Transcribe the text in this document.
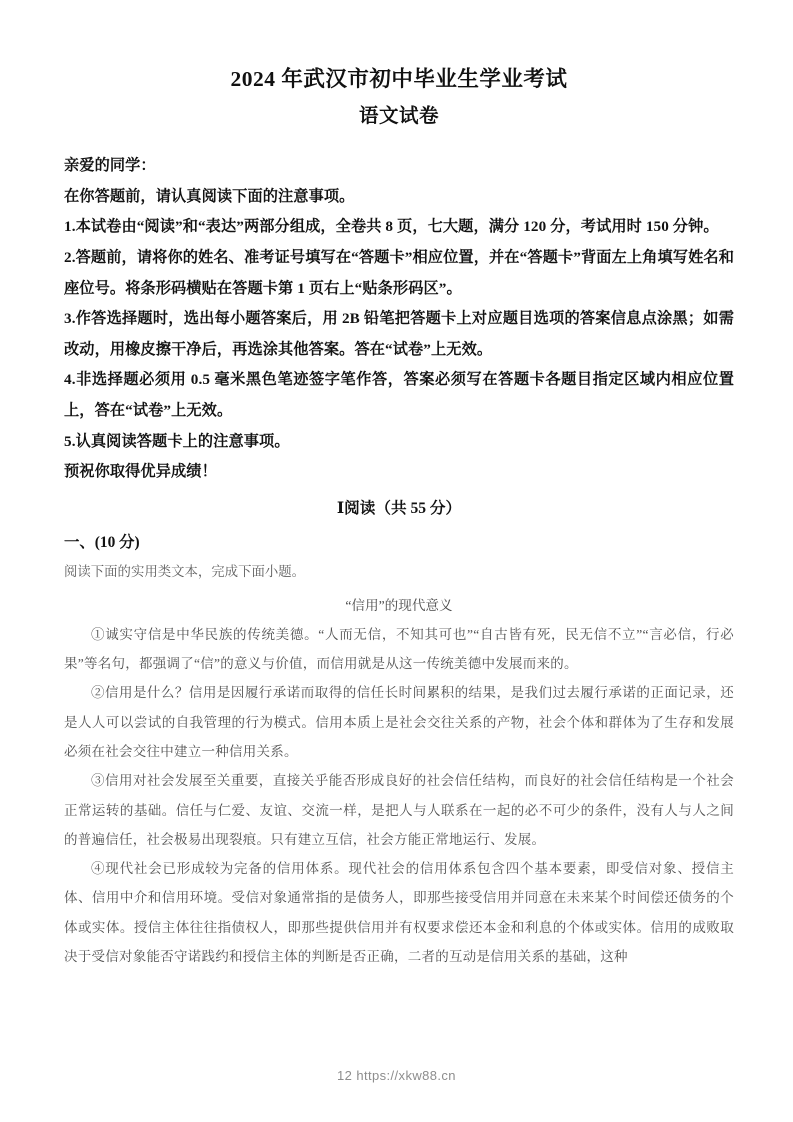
2024 年武汉市初中毕业生学业考试
语文试卷

亲爱的同学：

在你答题前，请认真阅读下面的注意事项。

1.本试卷由“阅读”和“表达”两部分组成，全卷共 8 页，七大题，满分 120 分，考试用时 150 分钟。

2.答题前，请将你的姓名、准考证号填写在“答题卡”相应位置，并在“答题卡”背面左上角填写姓名和座位号。将条形码横贴在答题卡第 1 页右上“贴条形码区”。

3.作答选择题时，选出每小题答案后，用 2B 铅笔把答题卡上对应题目选项的答案信息点涂黑；如需改动，用橡皮擦干净后，再选涂其他答案。答在“试卷”上无效。

4.非选择题必须用 0.5 毫米黑色笔迹签字笔作答，答案必须写在答题卡各题目指定区域内相应位置上，答在“试卷”上无效。

5.认真阅读答题卡上的注意事项。

预祝你取得优异成绩！

Ⅰ阅读（共 55 分）
一、(10 分)
阅读下面的实用类文本，完成下面小题。
“信用”的现代意义

①诚实守信是中华民族的传统美德。“人而无信，不知其可也”“自古皆有死，民无信不立”“言必信，行必果”等名句，都强调了“信”的意义与价值，而信用就是从这一传统美德中发展而来的。

②信用是什么？信用是因履行承诺而取得的信任长时间累积的结果，是我们过去履行承诺的正面记录，还是人人可以尝试的自我管理的行为模式。信用本质上是社会交往关系的产物，社会个体和群体为了生存和发展必须在社会交往中建立一种信用关系。

③信用对社会发展至关重要，直接关乎能否形成良好的社会信任结构，而良好的社会信任结构是一个社会正常运转的基础。信任与仁爱、友谊、交流一样，是把人与人联系在一起的必不可少的条件，没有人与人之间的普遍信任，社会极易出现裂痕。只有建立互信，社会方能正常地运行、发展。

④现代社会已形成较为完备的信用体系。现代社会的信用体系包含四个基本要素，即受信对象、授信主体、信用中介和信用环境。受信对象通常指的是债务人，即那些接受信用并同意在未来某个时间偿还债务的个体或实体。授信主体往往指债权人，即那些提供信用并有权要求偿还本金和利息的个体或实体。信用的成败取决于受信对象能否守诺践约和授信主体的判断是否正确，二者的互动是信用关系的基础，这种

12 https://xkw88.cn
